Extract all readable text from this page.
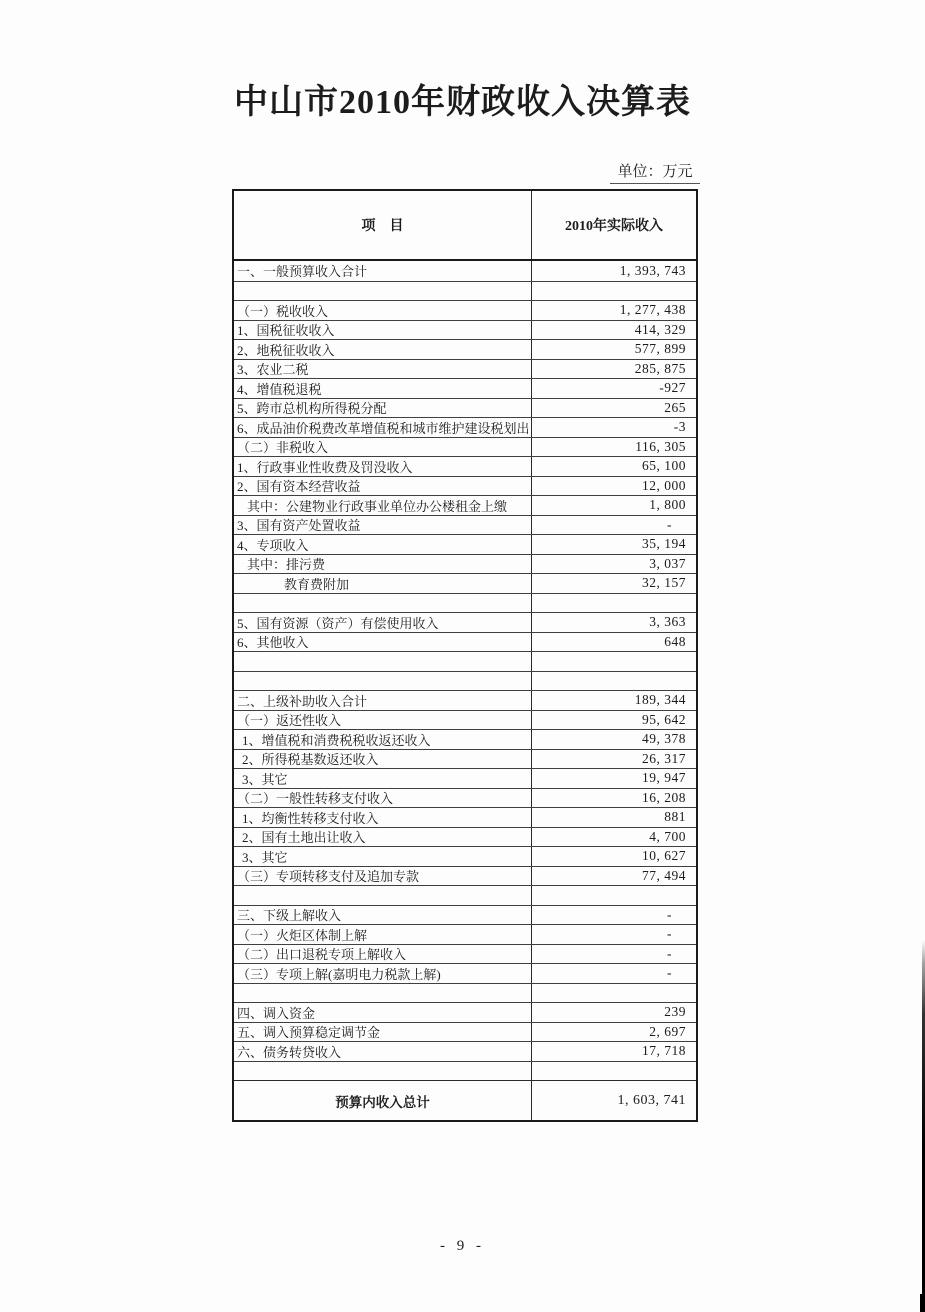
中山市2010年财政收入决算表
单位：万元
项　目	2010年实际收入
一、一般预算收入合计	1, 393, 743
（一）税收收入	1, 277, 438
1、国税征收收入	414, 329
2、地税征收收入	577, 899
3、农业二税	285, 875
4、增值税退税	-927
5、跨市总机构所得税分配	265
6、成品油价税费改革增值税和城市维护建设税划出	-3
（二）非税收入	116, 305
1、行政事业性收费及罚没收入	65, 100
2、国有资本经营收益	12, 000
其中：公建物业行政事业单位办公楼租金上缴	1, 800
3、国有资产处置收益	-
4、专项收入	35, 194
其中：排污费	3, 037
教育费附加	32, 157
5、国有资源（资产）有偿使用收入	3, 363
6、其他收入	648
二、上级补助收入合计	189, 344
（一）返还性收入	95, 642
1、增值税和消费税税收返还收入	49, 378
2、所得税基数返还收入	26, 317
3、其它	19, 947
（二）一般性转移支付收入	16, 208
1、均衡性转移支付收入	881
2、国有土地出让收入	4, 700
3、其它	10, 627
（三）专项转移支付及追加专款	77, 494
三、下级上解收入	-
（一）火炬区体制上解	-
（二）出口退税专项上解收入	-
（三）专项上解(嘉明电力税款上解)	-
四、调入资金	239
五、调入预算稳定调节金	2, 697
六、债务转贷收入	17, 718
预算内收入总计	1, 603, 741
- 9 -
